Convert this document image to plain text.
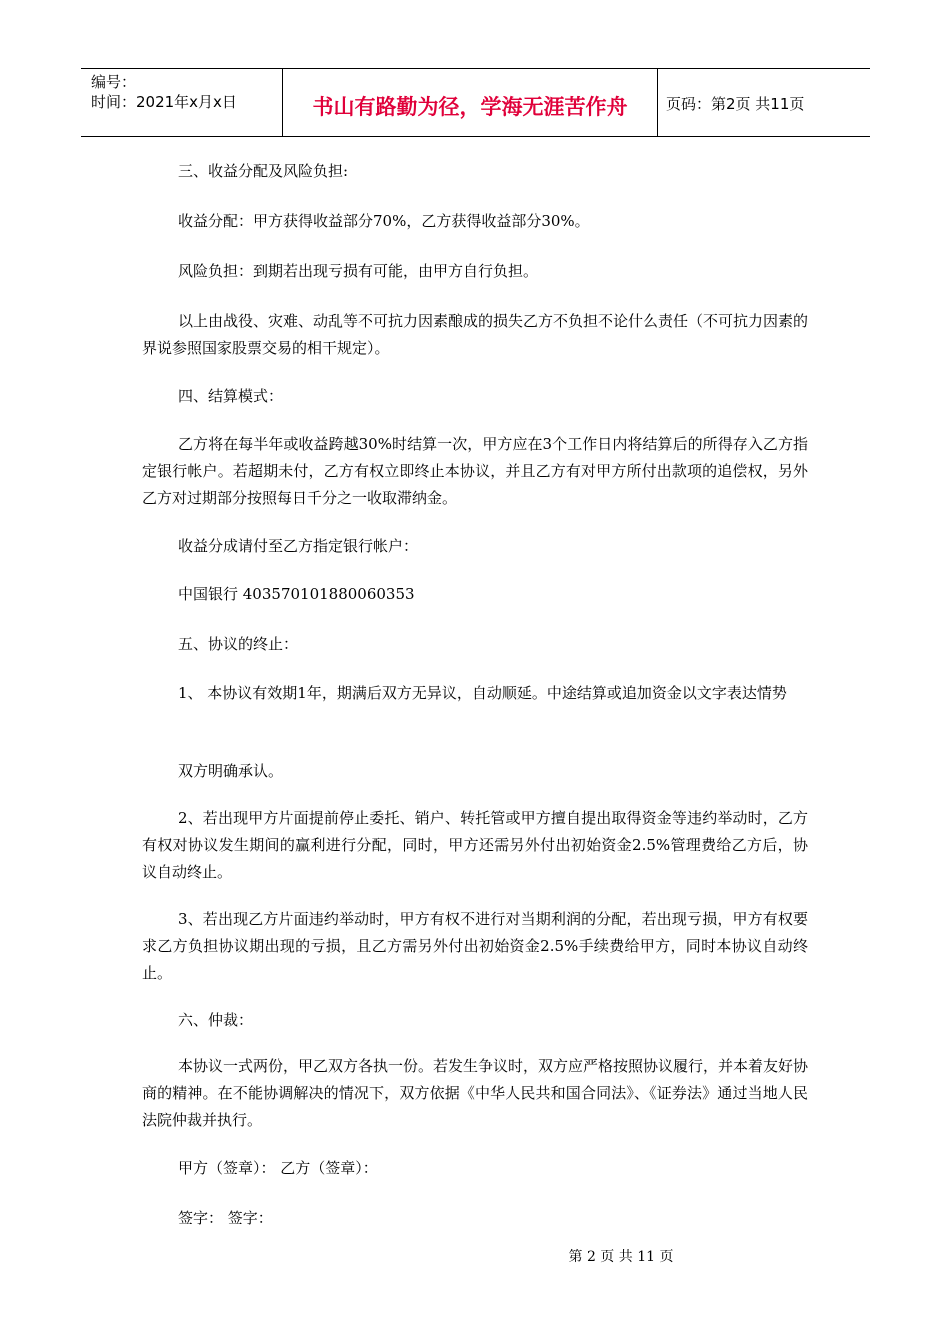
编号：
时间：2021年x月x日	书山有路勤为径，学海无涯苦作舟	页码：第2页 共11页

三、收益分配及风险负担:

收益分配：甲方获得收益部分70%，乙方获得收益部分30%。

风险负担：到期若出现亏损有可能，由甲方自行负担。

以上由战役、灾难、动乱等不可抗力因素酿成的损失乙方不负担不论什么责任（不可抗力因素的界说参照国家股票交易的相干规定）。

四、结算模式：

乙方将在每半年或收益跨越30%时结算一次，甲方应在3个工作日内将结算后的所得存入乙方指定银行帐户。若超期未付，乙方有权立即终止本协议，并且乙方有对甲方所付出款项的追偿权，另外乙方对过期部分按照每日千分之一收取滞纳金。

收益分成请付至乙方指定银行帐户：

中国银行 403570101880060353

五、协议的终止：

1、 本协议有效期1年，期满后双方无异议，自动顺延。中途结算或追加资金以文字表达情势

双方明确承认。

2、若出现甲方片面提前停止委托、销户、转托管或甲方擅自提出取得资金等违约举动时，乙方有权对协议发生期间的赢利进行分配，同时，甲方还需另外付出初始资金2.5%管理费给乙方后，协议自动终止。

3、若出现乙方片面违约举动时，甲方有权不进行对当期利润的分配，若出现亏损，甲方有权要求乙方负担协议期出现的亏损，且乙方需另外付出初始资金2.5%手续费给甲方，同时本协议自动终止。

六、仲裁：

本协议一式两份，甲乙双方各执一份。若发生争议时，双方应严格按照协议履行，并本着友好协商的精神。在不能协调解决的情况下，双方依据《中华人民共和国合同法》、《证券法》通过当地人民法院仲裁并执行。

甲方（签章）： 乙方（签章）：

签字： 签字：

第 2 页 共 11 页
